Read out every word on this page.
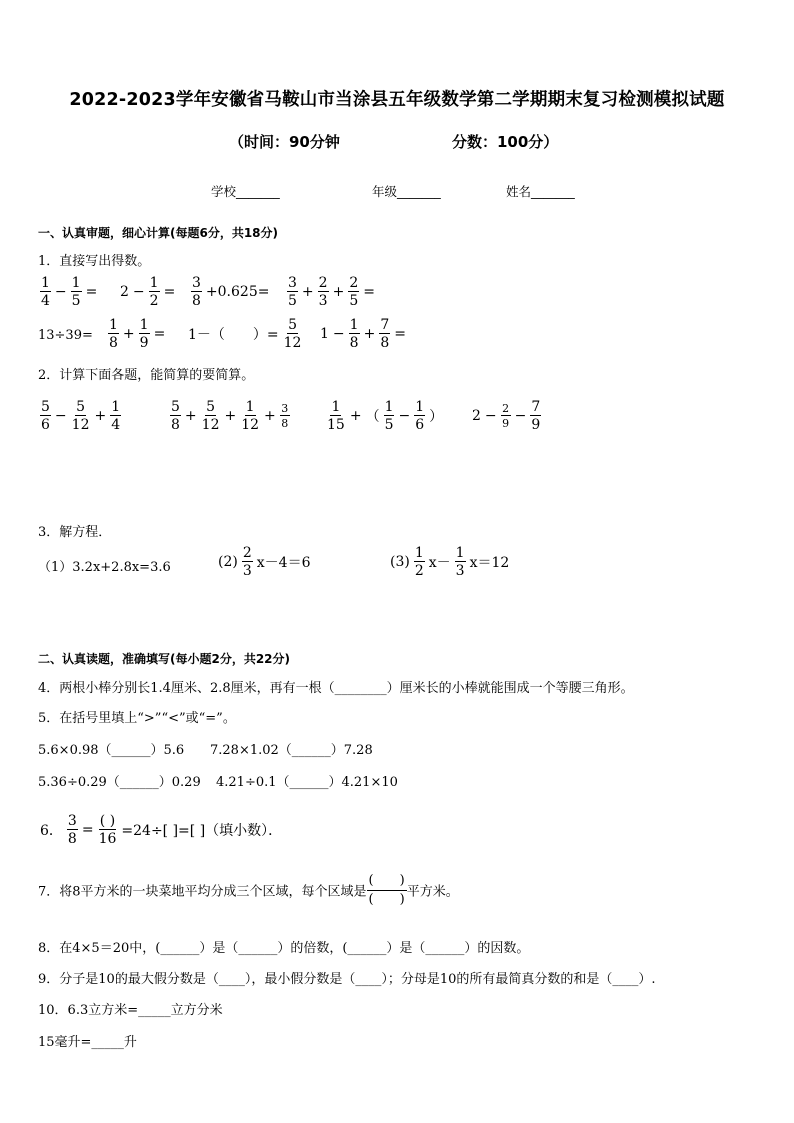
2022-2023学年安徽省马鞍山市当涂县五年级数学第二学期期末复习检测模拟试题
（时间：90分钟	分数：100分）
学校_______	年级_______	姓名_______
一、认真审题，细心计算(每题6分，共18分)
1．直接写出得数。
$\frac{1}{4} - \frac{1}{5} = 2 - \frac{1}{2} = \frac{3}{8} +0.625= \frac{3}{5} + \frac{2}{3} + \frac{2}{5}$ =
$13\div 39= \frac{1}{8} + \frac{1}{9} = 1-$（　　）= $\frac{5}{12} 1 - \frac{1}{8} + \frac{7}{8}$ =
2．计算下面各题，能简算的要简算。
$\frac{5}{6} - \frac{5}{12} + \frac{1}{4}$	$\frac{5}{8} + \frac{5}{12} + \frac{1}{12} + \frac{3}{8}$	$\frac{1}{15}$ + （ $\frac{1}{5} - \frac{1}{6}$ ） $2 - \frac{2}{9} - \frac{7}{9}$
3．解方程．
（1）3.2x+2.8x=3.6	$(2) \frac{2}{3} x-4=6$	$(3) \frac{1}{2} x- \frac{1}{3} x=12$
二、认真读题，准确填写(每小题2分，共22分)
4．两根小棒分别长1.4厘米、2.8厘米，再有一根（________）厘米长的小棒就能围成一个等腰三角形。
5．在括号里填上“>”“<”或“=”。
5.6×0.98（______）5.6 7.28×1.02（______）7.28
5.36÷0.29（______）0.29 4.21÷0.1（______）4.21×10
6． $\frac{3}{8} = \frac{( )}{16} =24\div$[ ]=[ ]（填小数）．
7．将8平方米的一块菜地平均分成三个区域，每个区域是
(　　)
(　　) 平方米。
8．在4×5＝20中，(______）是（______）的倍数，(______）是（______）的因数。
9．分子是10的最大假分数是（____），最小假分数是（____）；分母是10的所有最简真分数的和是（____）.
10．6.3立方米=_____立方分米
15毫升=_____升
